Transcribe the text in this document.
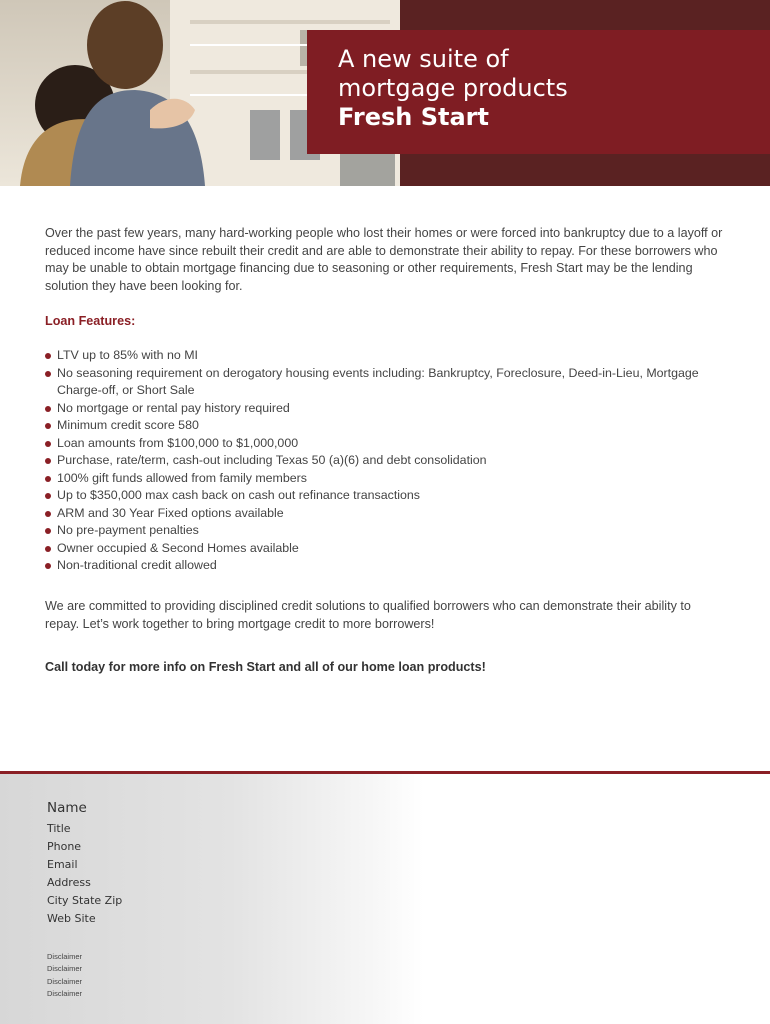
A new suite of
mortgage products
Fresh Start

Over the past few years, many hard-working people who lost their homes or were forced into bankruptcy due to a layoff or reduced income have since rebuilt their credit and are able to demonstrate their ability to repay. For these borrowers who may be unable to obtain mortgage financing due to seasoning or other requirements, Fresh Start may be the lending solution they have been looking for.

Loan Features:
LTV up to 85% with no MI
No seasoning requirement on derogatory housing events including: Bankruptcy, Foreclosure, Deed-in-Lieu, Mortgage Charge-off, or Short Sale
No mortgage or rental pay history required
Minimum credit score 580
Loan amounts from $100,000 to $1,000,000
Purchase, rate/term, cash-out including Texas 50 (a)(6) and debt consolidation
100% gift funds allowed from family members
Up to $350,000 max cash back on cash out refinance transactions
ARM and 30 Year Fixed options available
No pre-payment penalties
Owner occupied & Second Homes available
Non-traditional credit allowed

We are committed to providing disciplined credit solutions to qualified borrowers who can demonstrate their ability to repay. Let’s work together to bring mortgage credit to more borrowers!

Call today for more info on Fresh Start and all of our home loan products!
Name
Title
Phone
Email
Address
City State Zip
Web Site
Disclaimer
Disclaimer
Disclaimer
Disclaimer
